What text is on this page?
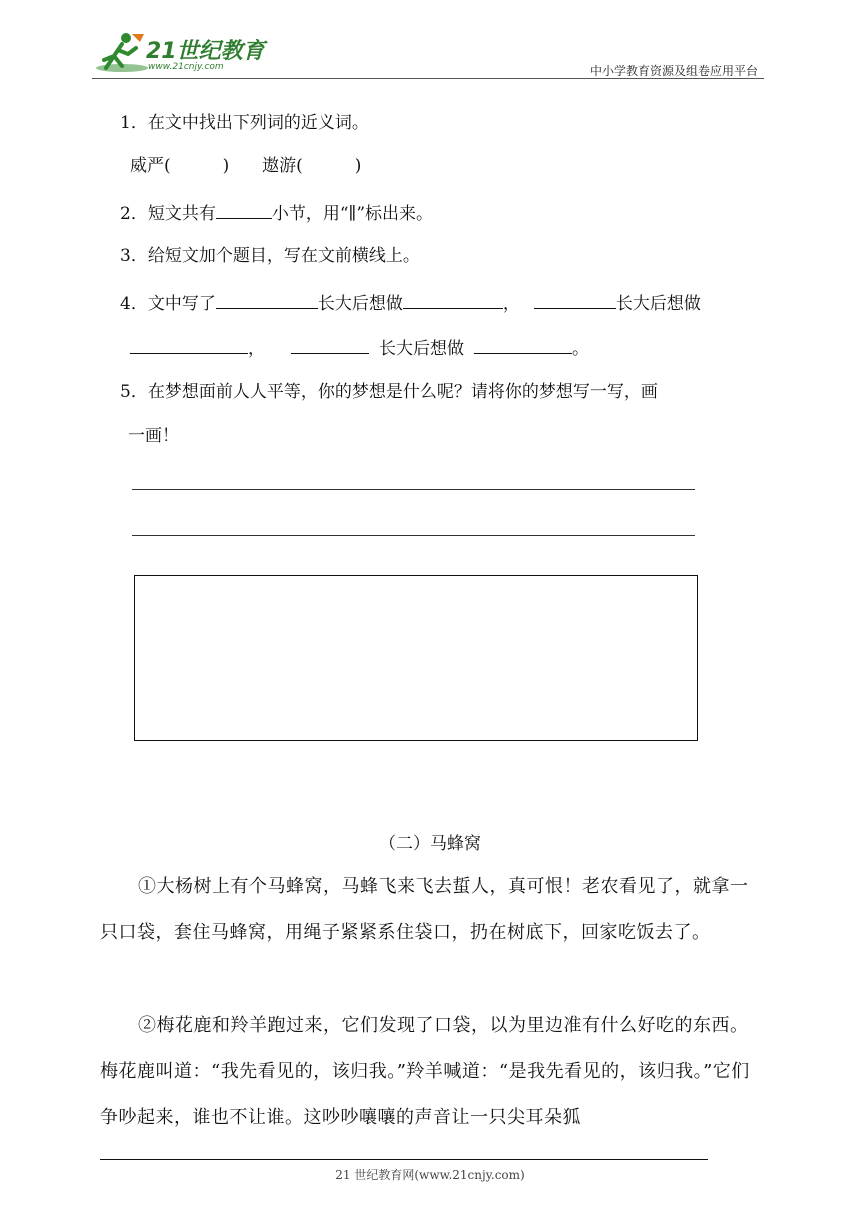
21世纪教育
www.21cnjy.com	中小学教育资源及组卷应用平台
1．在文中找出下列词的近义词。
威严(	) 遨游(	)
2．短文共有	小节，用“∥”标出来。
3．给短文加个题目，写在文前横线上。
4．文中写了	长大后想做	，	长大后想做
，	长大后想做	。
5．在梦想面前人人平等，你的梦想是什么呢？请将你的梦想写一写，画
一画！
（二）马蜂窝
①大杨树上有个马蜂窝，马蜂飞来飞去蜇人，真可恨！老农看见了，就拿一只口袋，套住马蜂窝，用绳子紧紧系住袋口，扔在树底下，回家吃饭去了。
②梅花鹿和羚羊跑过来，它们发现了口袋，以为里边准有什么好吃的东西。梅花鹿叫道：“我先看见的，该归我。”羚羊喊道：“是我先看见的，该归我。”它们争吵起来，谁也不让谁。这吵吵嚷嚷的声音让一只尖耳朵狐
21 世纪教育网(www.21cnjy.com)
